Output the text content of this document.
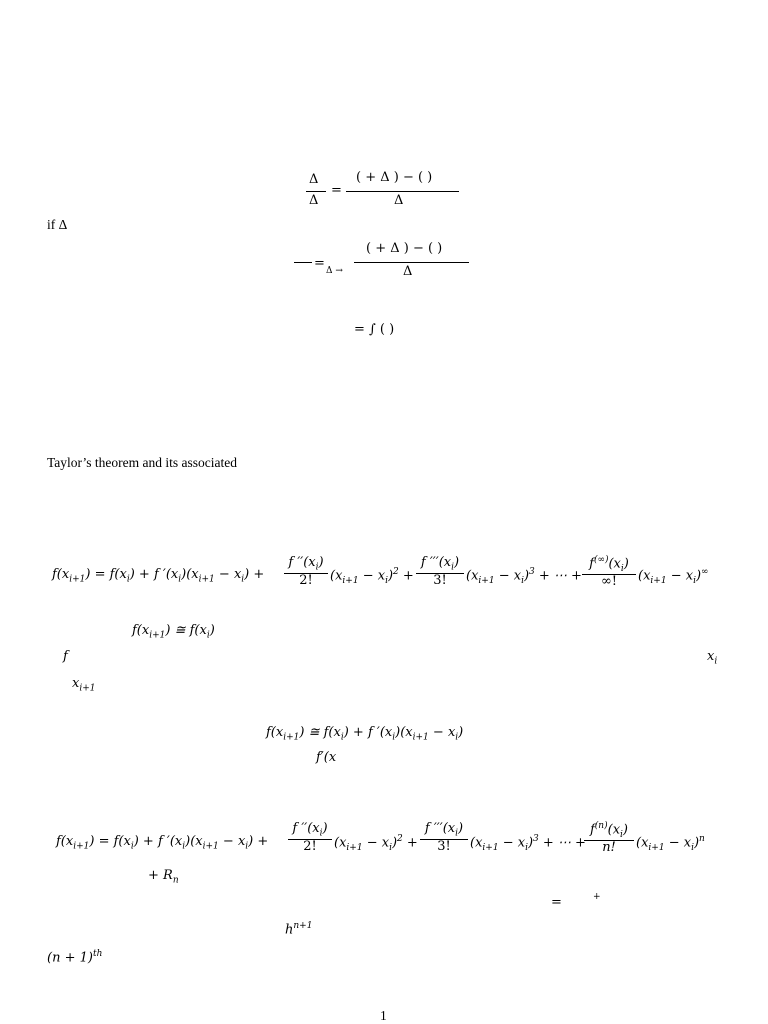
Δ
Δ
=
( + Δ ) − ( )
Δ
if Δ
= Δ →
( + Δ ) − ( )
Δ
= ∫ ( )
Taylor’s theorem and its associated
$f(x_{i+1}) = f(x_i) + f$ $'(x_i)(x_{i+1} - x_i) + \frac{f ''(x_i)}{2!} (x_{i+1} - x_i)^2 + \frac{f '''(x_i)}{3!} (x_{i+1} - x_i)^3$ + ⋯ +
$f^{(\infty)}(x_i)$
∞!	$(x_{i+1} - x_i)^\infty$
$f(x_{i+1})$ ≅ $f(x_i)$
f	$x_i$
$x_{i+1}$
$f(x_{i+1})$ ≅ $f(x_i) + f$ $'(x_i)(x_{i+1} - x_i)$
f′(x
$f(x_{i+1}) = f(x_i) + f$ $'(x_i)(x_{i+1} - x_i) + \frac{f ''(x_i)}{2!} (x_{i+1} - x_i)^2 + \frac{f '''(x_i)}{3!} (x_{i+1} - x_i)^3$ + ⋯ +
$\frac{f^{(n)}(x_i)}{n!} (x_{i+1} - x_i)^n$
+ $R_n$
=	+
$h^{n+1}$
$(n + 1)^{th}$
1
